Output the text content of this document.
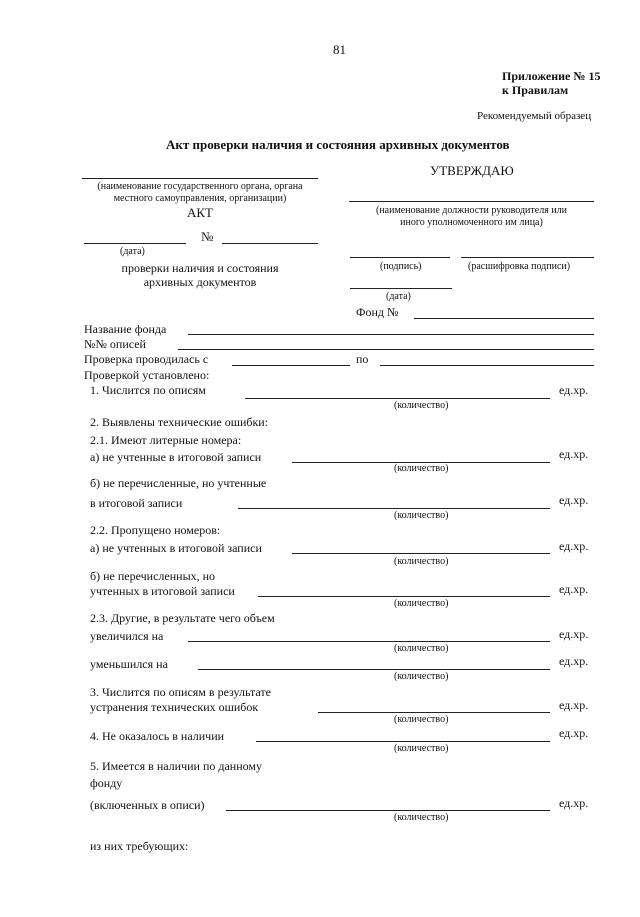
81
Приложение № 15
к Правилам
Рекомендуемый образец
Акт проверки наличия и состояния архивных документов
(наименование государственного органа, органа
местного самоуправления, организации)
АКТ
№
(дата)
проверки наличия и состояния
архивных документов
УТВЕРЖДАЮ
(наименование должности руководителя или
иного уполномоченного им лица)
(подпись)	(расшифровка подписи)
(дата)
Фонд №
Название фонда
№№ описей
Проверка проводилась с	по
Проверкой установлено:
1. Числится по описям	ед.хр.
(количество)
2. Выявлены технические ошибки:
2.1. Имеют литерные номера:
а) не учтенные в итоговой записи	ед.хр.
(количество)
б) не перечисленные, но учтенные
в итоговой записи	ед.хр.
(количество)
2.2. Пропущено номеров:
а) не учтенных в итоговой записи	ед.хр.
(количество)
б) не перечисленных, но
учтенных в итоговой записи	ед.хр.
(количество)
2.3. Другие, в результате чего объем
увеличился на	ед.хр.
(количество)
уменьшился на	ед.хр.
(количество)
3. Числится по описям в результате
устранения технических ошибок	ед.хр.
(количество)
4. Не оказалось в наличии	ед.хр.
(количество)
5. Имеется в наличии по данному
фонду
(включенных в описи)	ед.хр.
(количество)
из них требующих:
